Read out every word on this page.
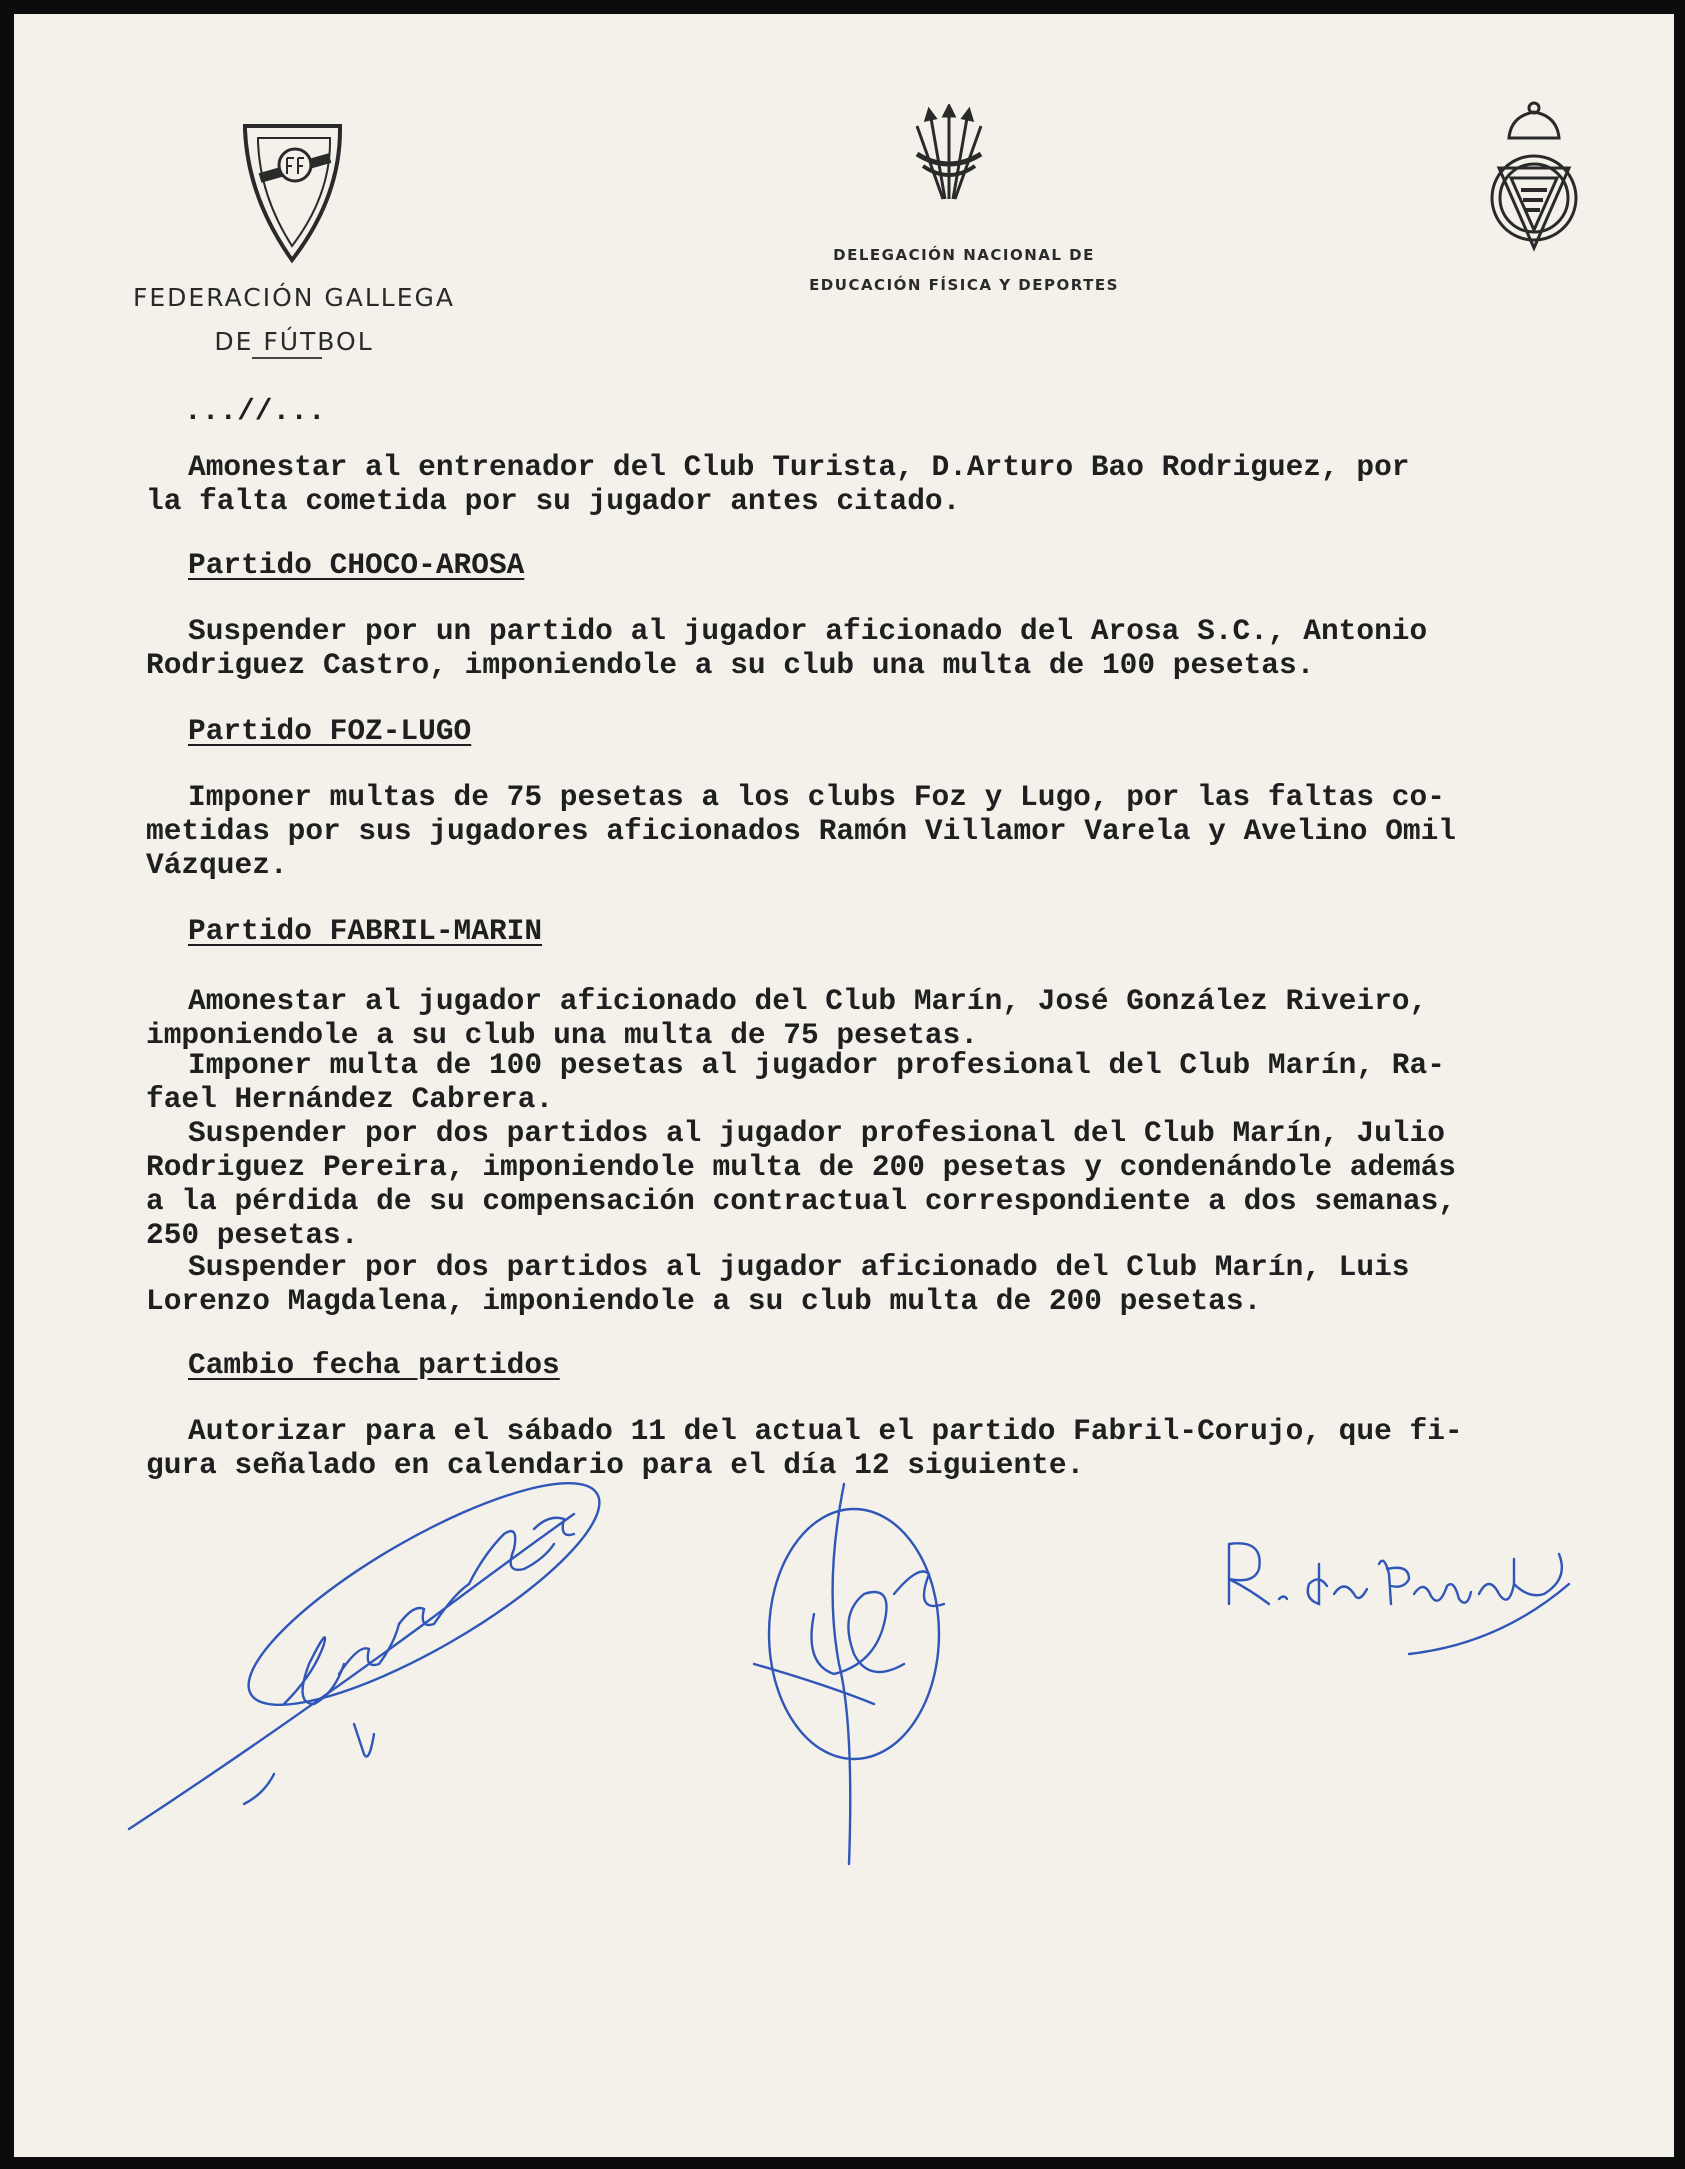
FEDERACIÓN GALLEGA
DE FÚTBOL
DELEGACIÓN NACIONAL DE
EDUCACIÓN FÍSICA Y DEPORTES

...//...

Amonestar al entrenador del Club Turista, D.Arturo Bao Rodriguez, por

la falta cometida por su jugador antes citado.

Partido CHOCO-AROSA

Suspender por un partido al jugador aficionado del Arosa S.C., Antonio

Rodriguez Castro, imponiendole a su club una multa de 100 pesetas.

Partido FOZ-LUGO

Imponer multas de 75 pesetas a los clubs Foz y Lugo, por las faltas co-

metidas por sus jugadores aficionados Ramón Villamor Varela y Avelino Omil

Vázquez.

Partido FABRIL-MARIN

Amonestar al jugador aficionado del Club Marín, José González Riveiro,

imponiendole a su club una multa de 75 pesetas.

Imponer multa de 100 pesetas al jugador profesional del Club Marín, Ra-

fael Hernández Cabrera.

Suspender por dos partidos al jugador profesional del Club Marín, Julio

Rodriguez Pereira, imponiendole multa de 200 pesetas y condenándole además

a la pérdida de su compensación contractual correspondiente a dos semanas,

250 pesetas.

Suspender por dos partidos al jugador aficionado del Club Marín, Luis

Lorenzo Magdalena, imponiendole a su club multa de 200 pesetas.

Cambio fecha partidos

Autorizar para el sábado 11 del actual el partido Fabril-Corujo, que fi-

gura señalado en calendario para el día 12 siguiente.
